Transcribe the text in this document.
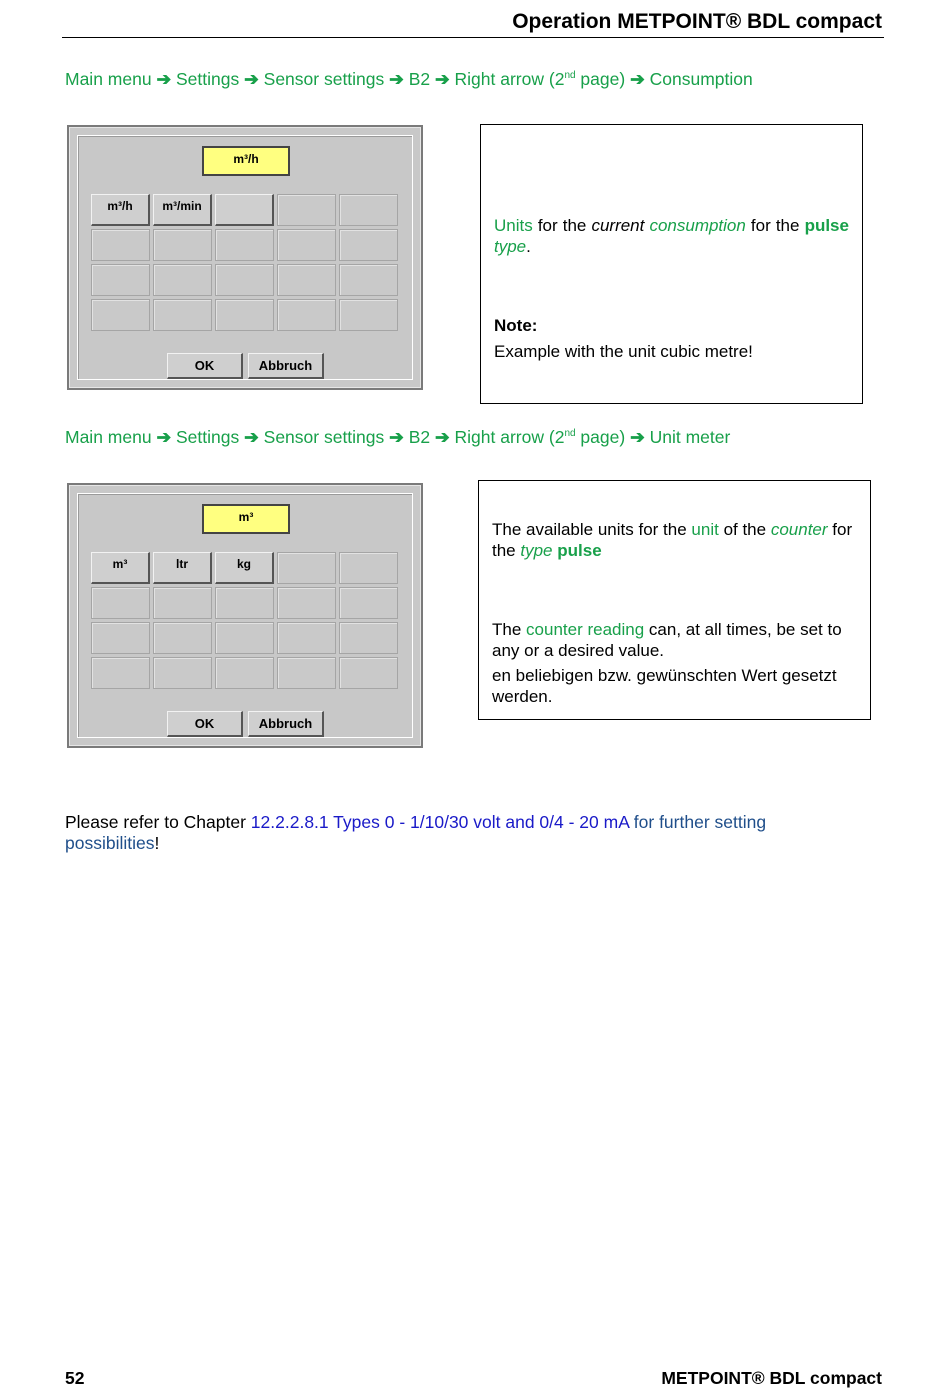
Operation METPOINT® BDL compact
Main menu ➔ Settings ➔ Sensor settings ➔ B2 ➔ Right arrow (2nd page) ➔ Consumption
m³/h
m³/h	m³/min
OK	Abbruch
Units for the current consumption for the pulse type.
Note:
Example with the unit cubic metre!
Main menu ➔ Settings ➔ Sensor settings ➔ B2 ➔ Right arrow (2nd page) ➔ Unit meter
m³
m³	ltr	kg
OK	Abbruch
The available units for the unit of the counter for the type pulse
The counter reading can, at all times, be set to any or a desired value.
en beliebigen bzw. gewünschten Wert gesetzt werden.
Please refer to Chapter 12.2.2.8.1 Types 0 - 1/10/30 volt and 0/4 - 20 mA for further setting possibilities!
52	METPOINT® BDL compact
